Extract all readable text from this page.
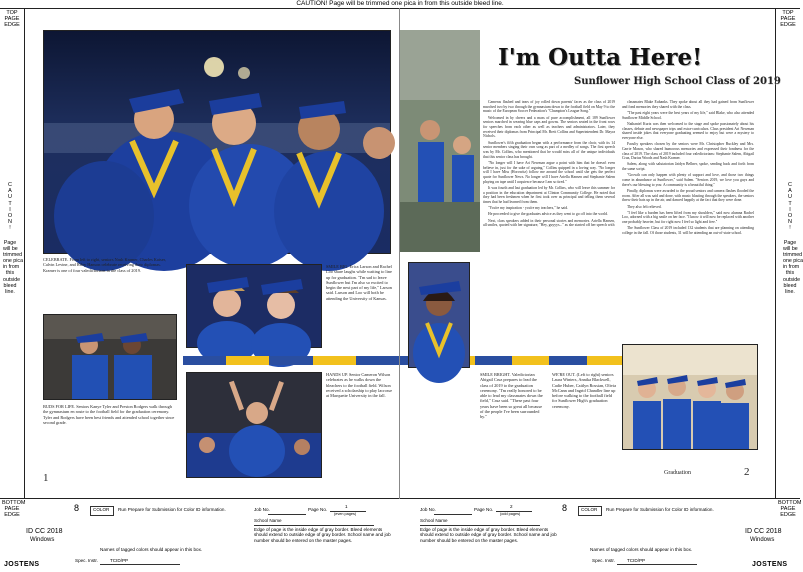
CAUTION! Page will be trimmed one pica in from this outside bleed line.
TOP
PAGE
EDGE
TOP
PAGE
EDGE
BOTTOM
PAGE
EDGE
BOTTOM
PAGE
EDGE
C
A
U
T
I
O
N
!
Page
will be
trimmed
one pica
in from
this
outside
bleed
line.
C
A
U
T
I
O
N
!
Page
will be
trimmed
one pica
in from
this
outside
bleed
line.
CELEBRATE. From left to right, seniors Nash Kramer, Charles Kaiser, Calvin Levine, and Riley Hanson celebrate receiving their diplomas. Kramer is one of four valedictorians in the class of 2019.
SMILE BIG. Erica Larson and Rachel Loo share laughs while waiting to line up for graduation. "I'm sad to leave Sunflower but I'm also so excited to begin the next part of my life," Larson said. Larson and Loo will both be attending the University of Kansas.
BUDS FOR LIFE. Seniors Kanye Tyler and Preston Rodgers walk through the gymnasium en route to the football field for the graduation ceremony. Tyler and Rodgers have been best friends and attended school together since second grade.
HANDS UP. Senior Cameron Wilson celebrates as he walks down the bleachers to the football field. Wilson received a scholarship to play lacrosse at Marquette University in the fall.
1
I'm Outta Here!
Sunflower High School Class of 2019

Cameras flashed and tears of joy rolled down parents' faces as the class of 2019 marched two by two through the gymnasium down to the football field on May 9 to the music of the European Soccer Federation's "Champion's League Song."

Welcomed in by cheers and a mass of pure accomplishment, all 189 Sunflower seniors marched in wearing blue caps and gowns. The seniors seated in the front rows for speeches from each other as well as teachers and administrators. Later, they received their diplomas from Principal Mr. Brett Collins and Superintendent Dr. Mayra Nichols.

Sunflower's fifth graduation began with a performance from the choir, with its 14 senior members singing their own song as part of a medley of songs. The first speech was by Mr. Collins, who mentioned that he would miss all of the unique individuals that this senior class has brought.

"No longer will I have Ari Newman argue a point with him that he doesn't even believe in, just for the sake of arguing," Collins quipped in a loving way. "No longer will I have Miss (Horowitz) follow me around the school until she gets the perfect quote for Sunflower News. No longer will I have Ariella Hansen and Stephanie Salem playing on tape until I acquiesce because I am so tired."

It was fourth and last graduation led by Mr. Collins, who will leave this summer for a position in the education department at Clinton Community College. He noted that they had been freshmen when he first took over as principal and telling them several times that he had learned from them.

"You're my inspiration - you're my teachers," he said.

He proceeded to give the graduates advice as they went to go off into the world.

Next, class speakers added in their personal stories and memories. Ariella Hansen, all smiles, quoted with her signature, "Hey, guyyys..." as she started off her speech with

classmates Blake Eubanks. They spoke about all they had gained from Sunflower and fond memories they shared with the class.

"The past eight years were the best years of my life," said Blake, who also attended Sunflower Middle School.

Nathaniel Kurtz was then welcomed to the stage and spoke passionately about his classes, debate and newspaper trips and extra-curriculars. Class president Ari Newman shared inside jokes that everyone graduating seemed to enjoy but were a mystery to everyone else.

Faculty speakers chosen by the seniors were Mr. Christopher Buckley and Mrs. Carrie Mason, who shared humorous memories and expressed their fondness for the class of 2019. The class of 2019 included four valedictorians: Stephanie Salem, Abigail Cruz, Darius Woods and Nash Kramer.

Salem, along with salutatorian Jaidyn Bellner, spoke, sending back and forth from the same script.

"Growth can only happen with plenty of support and love, and those two things come in abundance at Sunflower," said Salem. "Seniors 2019, we love you guys and there's our blessing to you: A community is a beautiful thing."

Finally, diplomas were awarded to the proud seniors and camera flashes flooded the room. After all was said and done, with music blasting through the speakers, the seniors threw their hats up in the air, and danced happily at the fact that they were done.

They also felt relieved.

"I feel like a burden has been lifted from my shoulders," said now alumna Rachel Loo, adorned with a big smile on her face. "I know it will now be replaced with another one probably heavier, but for right now I feel so light and free."

The Sunflower Class of 2019 included 132 students that are planning on attending college in the fall. Of those students, 31 will be attending an out-of-state school.

SMILE BRIGHT. Valedictorian Abigail Cruz prepares to lead the class of 2019 to the graduation ceremony. "I'm really honored to be able to lead my classmates down the field," Cruz said. "These past four years have been so great all because of the people I've been surrounded by."
WE'RE OUT. (Left to right) seniors Laura Winters, Annika Blackwell, Cadie Huber, Caitlyn Rossian, Olivia McCann and Ingrid Chandler line up before walking to the football field for Sunflower High's graduation ceremony.
Graduation	2
8	COLOR Run Prepare for Submission for Color ID information.	Job No.	Page No.
1
(even pages)
School Name
Edge of page is the inside edge of gray border. Bleed elements should extend to outside edge of gray border. School name and job number should be entered on the master pages.
Names of tagged colors should appear in this box.
ID CC 2018
Windows
Spec. Instr.	TCID/PP
JOSTENS
Job No.	Page No.
2
(odd pages)
School Name
Edge of page is the inside edge of gray border. Bleed elements should extend to outside edge of gray border. School name and job number should be entered on the master pages.
8	COLOR Run Prepare for Submission for Color ID information.
Names of tagged colors should appear in this box.
ID CC 2018
Windows
Spec. Instr.	TCID/PP
JOSTENS
